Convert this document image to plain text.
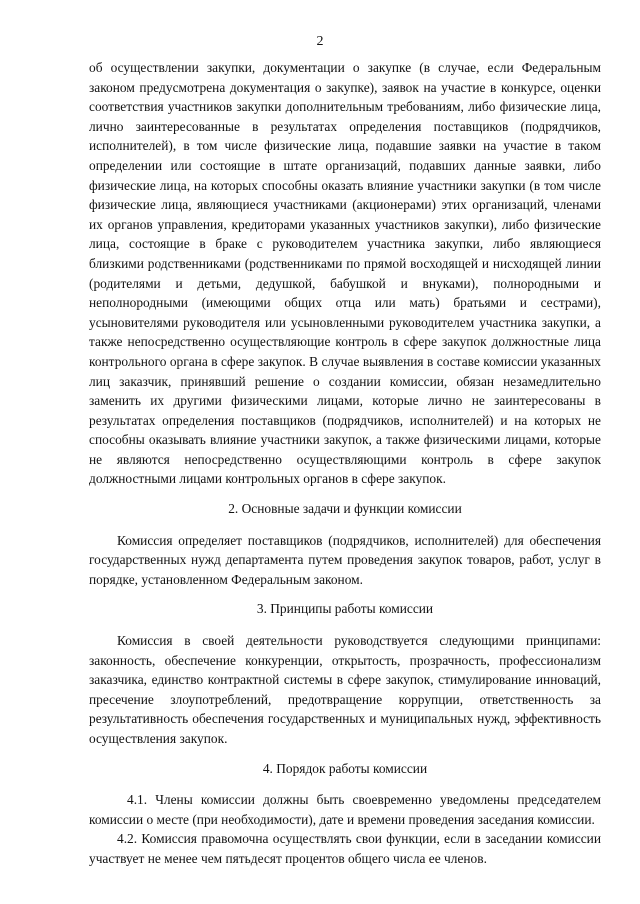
2

об осуществлении закупки, документации о закупке (в случае, если Федеральным законом предусмотрена документация о закупке), заявок на участие в конкурсе, оценки соответствия участников закупки дополнительным требованиям, либо физические лица, лично заинтересованные в результатах определения поставщиков (подрядчиков, исполнителей), в том числе физические лица, подавшие заявки на участие в таком определении или состоящие в штате организаций, подавших данные заявки, либо физические лица, на которых способны оказать влияние участники закупки (в том числе физические лица, являющиеся участниками (акционерами) этих организаций, членами их органов управления, кредиторами указанных участников закупки), либо физические лица, состоящие в браке с руководителем участника закупки, либо являющиеся близкими родственниками (родственниками по прямой восходящей и нисходящей линии (родителями и детьми, дедушкой, бабушкой и внуками), полнородными и неполнородными (имеющими общих отца или мать) братьями и сестрами), усыновителями руководителя или усыновленными руководителем участника закупки, а также непосредственно осуществляющие контроль в сфере закупок должностные лица контрольного органа в сфере закупок. В случае выявления в составе комиссии указанных лиц заказчик, принявший решение о создании комиссии, обязан незамедлительно заменить их другими физическими лицами, которые лично не заинтересованы в результатах определения поставщиков (подрядчиков, исполнителей) и на которых не способны оказывать влияние участники закупок, а также физическими лицами, которые не являются непосредственно осуществляющими контроль в сфере закупок должностными лицами контрольных органов в сфере закупок.

2. Основные задачи и функции комиссии

Комиссия определяет поставщиков (подрядчиков, исполнителей) для обеспечения государственных нужд департамента путем проведения закупок товаров, работ, услуг в порядке, установленном Федеральным законом.

3. Принципы работы комиссии

Комиссия в своей деятельности руководствуется следующими принципами: законность, обеспечение конкуренции, открытость, прозрачность, профессионализм заказчика, единство контрактной системы в сфере закупок, стимулирование инноваций, пресечение злоупотреблений, предотвращение коррупции, ответственность за результативность обеспечения государственных и муниципальных нужд, эффективность осуществления закупок.

4. Порядок работы комиссии

4.1. Члены комиссии должны быть своевременно уведомлены председателем комиссии о месте (при необходимости), дате и времени проведения заседания комиссии.

4.2. Комиссия правомочна осуществлять свои функции, если в заседании комиссии участвует не менее чем пятьдесят процентов общего числа ее членов.
